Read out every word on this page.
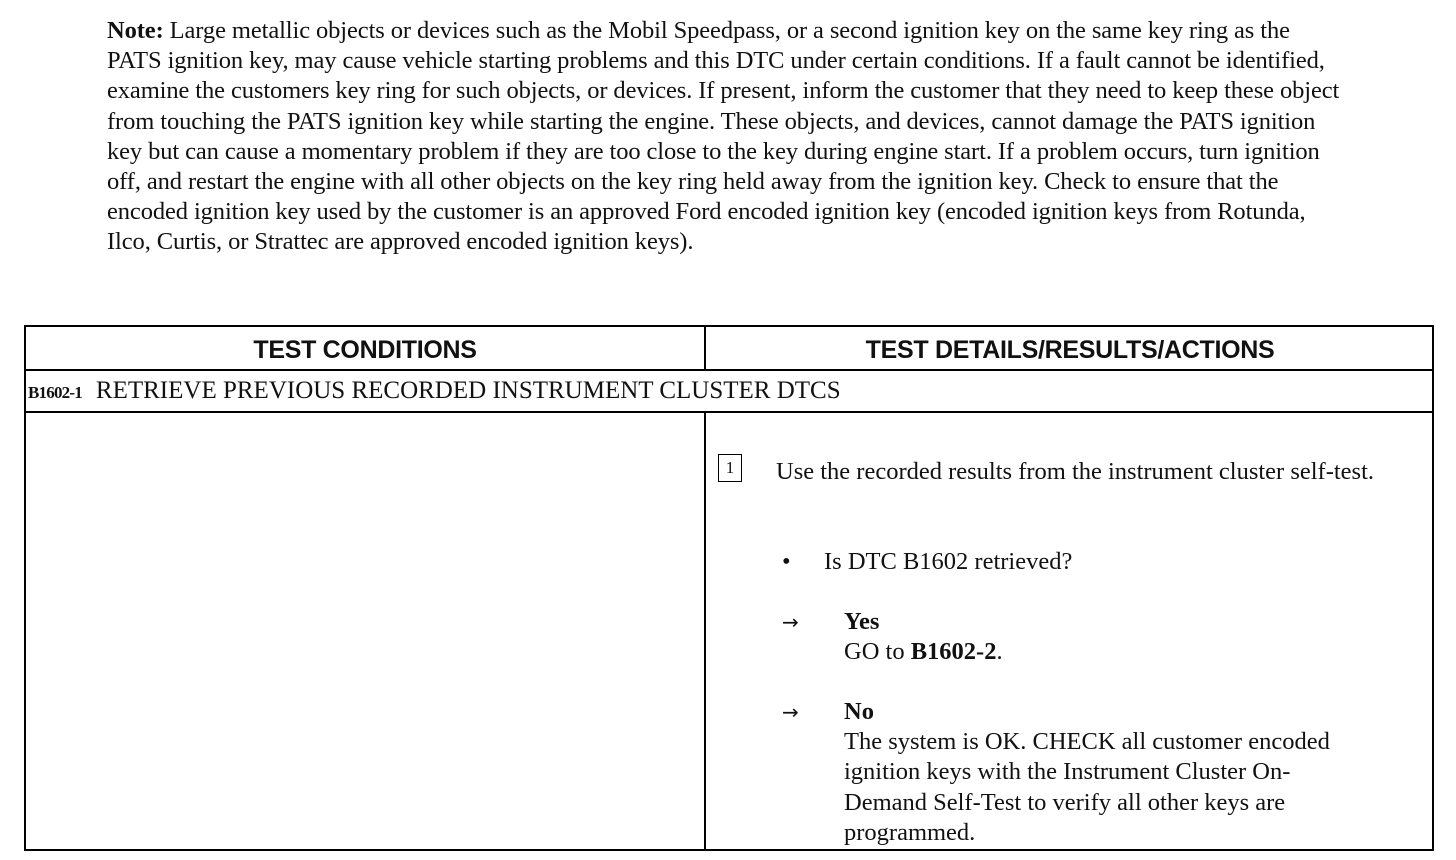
Note: Large metallic objects or devices such as the Mobil Speedpass, or a second ignition key on the same key ring as the PATS ignition key, may cause vehicle starting problems and this DTC under certain conditions. If a fault cannot be identified, examine the customers key ring for such objects, or devices. If present, inform the customer that they need to keep these object from touching the PATS ignition key while starting the engine. These objects, and devices, cannot damage the PATS ignition key but can cause a momentary problem if they are too close to the key during engine start. If a problem occurs, turn ignition off, and restart the engine with all other objects on the key ring held away from the ignition key. Check to ensure that the encoded ignition key used by the customer is an approved Ford encoded ignition key (encoded ignition keys from Rotunda, Ilco, Curtis, or Strattec are approved encoded ignition keys).
TEST CONDITIONS	TEST DETAILS/RESULTS/ACTIONS
B1602-1 RETRIEVE PREVIOUS RECORDED INSTRUMENT CLUSTER DTCS
1	Use the recorded results from the instrument cluster self-test.
• Is DTC B1602 retrieved?
→ Yes
GO to B1602-2.
→ No
The system is OK. CHECK all customer encoded ignition keys with the Instrument Cluster On-Demand Self-Test to verify all other keys are programmed.
